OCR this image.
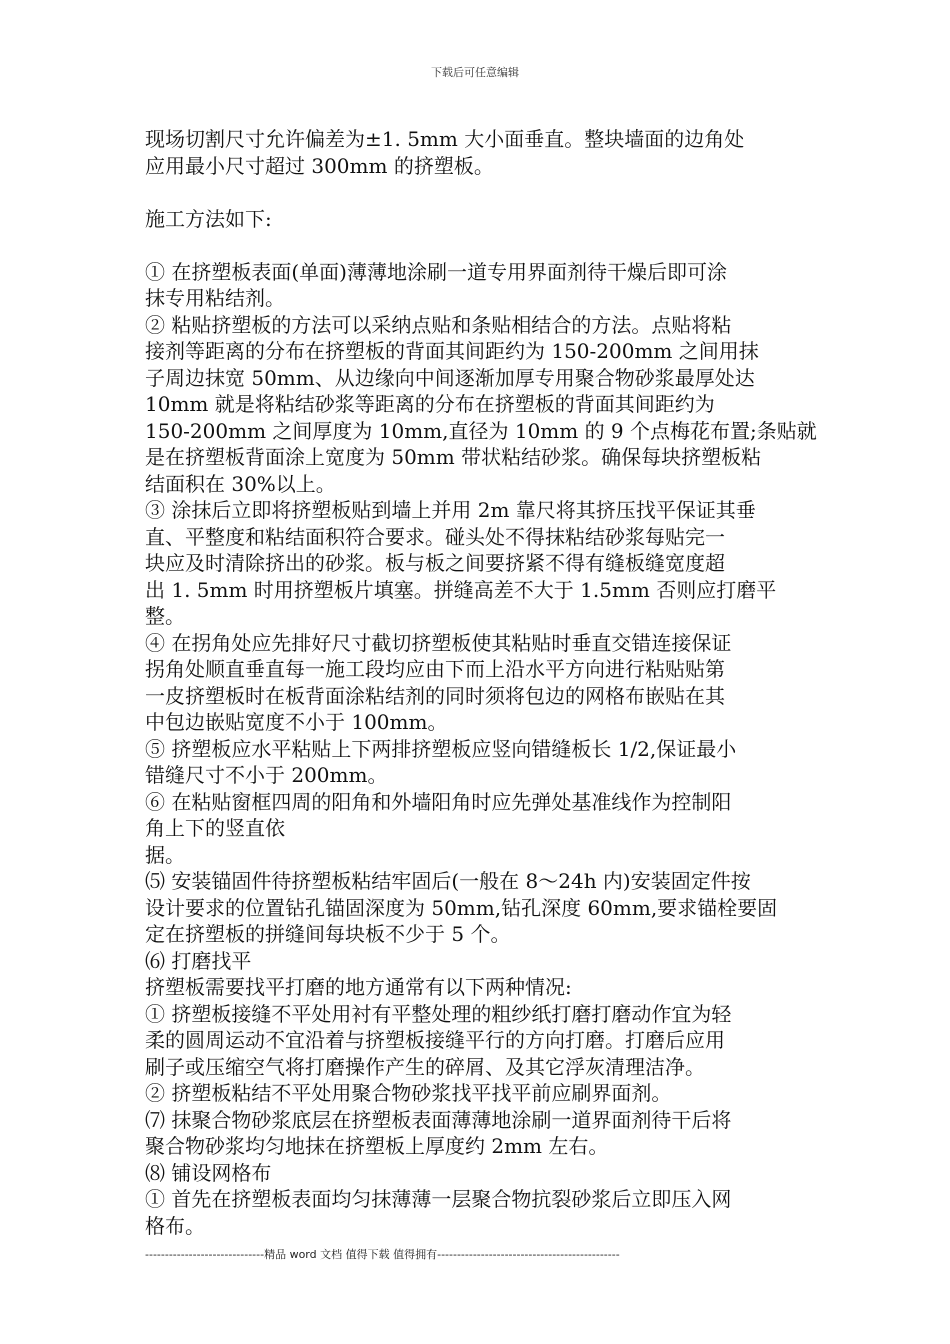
下载后可任意编辑
现场切割尺寸允许偏差为±1. 5mm 大小面垂直。整块墙面的边角处
应用最小尺寸超过 300mm 的挤塑板。
施工方法如下:
① 在挤塑板表面(单面)薄薄地涂刷一道专用界面剂待干燥后即可涂
抹专用粘结剂。
② 粘贴挤塑板的方法可以采纳点贴和条贴相结合的方法。点贴将粘
接剂等距离的分布在挤塑板的背面其间距约为 150-200mm 之间用抹
子周边抹宽 50mm、从边缘向中间逐渐加厚专用聚合物砂浆最厚处达
10mm 就是将粘结砂浆等距离的分布在挤塑板的背面其间距约为
150-200mm 之间厚度为 10mm,直径为 10mm 的 9 个点梅花布置;条贴就
是在挤塑板背面涂上宽度为 50mm 带状粘结砂浆。确保每块挤塑板粘
结面积在 30%以上。
③ 涂抹后立即将挤塑板贴到墙上并用 2m 靠尺将其挤压找平保证其垂
直、平整度和粘结面积符合要求。碰头处不得抹粘结砂浆每贴完一
块应及时清除挤出的砂浆。板与板之间要挤紧不得有缝板缝宽度超
出 1. 5mm 时用挤塑板片填塞。拼缝高差不大于 1.5mm 否则应打磨平
整。
④ 在拐角处应先排好尺寸截切挤塑板使其粘贴时垂直交错连接保证
拐角处顺直垂直每一施工段均应由下而上沿水平方向进行粘贴贴第
一皮挤塑板时在板背面涂粘结剂的同时须将包边的网格布嵌贴在其
中包边嵌贴宽度不小于 100mm。
⑤ 挤塑板应水平粘贴上下两排挤塑板应竖向错缝板长 1/2,保证最小
错缝尺寸不小于 200mm。
⑥ 在粘贴窗框四周的阳角和外墙阳角时应先弹处基准线作为控制阳
角上下的竖直依
据。
⑸ 安装锚固件待挤塑板粘结牢固后(一般在 8～24h 内)安装固定件按
设计要求的位置钻孔锚固深度为 50mm,钻孔深度 60mm,要求锚栓要固
定在挤塑板的拼缝间每块板不少于 5 个。
⑹ 打磨找平
挤塑板需要找平打磨的地方通常有以下两种情况:
① 挤塑板接缝不平处用衬有平整处理的粗纱纸打磨打磨动作宜为轻
柔的圆周运动不宜沿着与挤塑板接缝平行的方向打磨。打磨后应用
刷子或压缩空气将打磨操作产生的碎屑、及其它浮灰清理洁净。
② 挤塑板粘结不平处用聚合物砂浆找平找平前应刷界面剂。
⑺ 抹聚合物砂浆底层在挤塑板表面薄薄地涂刷一道界面剂待干后将
聚合物砂浆均匀地抹在挤塑板上厚度约 2mm 左右。
⑻ 铺设网格布
① 首先在挤塑板表面均匀抹薄薄一层聚合物抗裂砂浆后立即压入网
格布。
------------------------------精品 word 文档 值得下载 值得拥有----------------------------------------------
